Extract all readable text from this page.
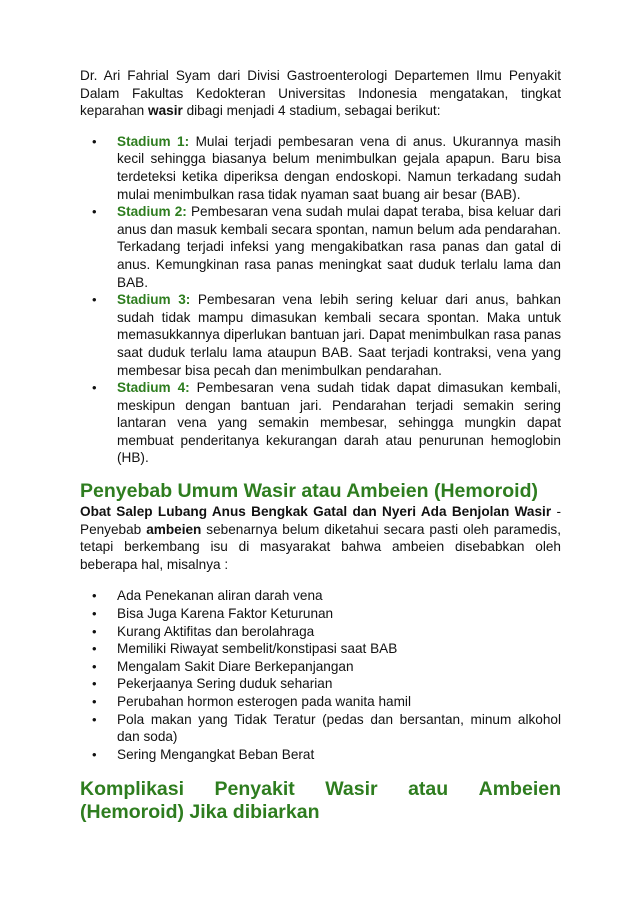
Dr. Ari Fahrial Syam dari Divisi Gastroenterologi Departemen Ilmu Penyakit Dalam Fakultas Kedokteran Universitas Indonesia mengatakan, tingkat keparahan wasir dibagi menjadi 4 stadium, sebagai berikut:

• Stadium 1: Mulai terjadi pembesaran vena di anus. Ukurannya masih kecil sehingga biasanya belum menimbulkan gejala apapun. Baru bisa terdeteksi ketika diperiksa dengan endoskopi. Namun terkadang sudah mulai menimbulkan rasa tidak nyaman saat buang air besar (BAB).
• Stadium 2: Pembesaran vena sudah mulai dapat teraba, bisa keluar dari anus dan masuk kembali secara spontan, namun belum ada pendarahan. Terkadang terjadi infeksi yang mengakibatkan rasa panas dan gatal di anus. Kemungkinan rasa panas meningkat saat duduk terlalu lama dan BAB.
• Stadium 3: Pembesaran vena lebih sering keluar dari anus, bahkan sudah tidak mampu dimasukan kembali secara spontan. Maka untuk memasukkannya diperlukan bantuan jari. Dapat menimbulkan rasa panas saat duduk terlalu lama ataupun BAB. Saat terjadi kontraksi, vena yang membesar bisa pecah dan menimbulkan pendarahan.
• Stadium 4: Pembesaran vena sudah tidak dapat dimasukan kembali, meskipun dengan bantuan jari. Pendarahan terjadi semakin sering lantaran vena yang semakin membesar, sehingga mungkin dapat membuat penderitanya kekurangan darah atau penurunan hemoglobin (HB).
Penyebab Umum Wasir atau Ambeien (Hemoroid)

Obat Salep Lubang Anus Bengkak Gatal dan Nyeri Ada Benjolan Wasir - Penyebab ambeien sebenarnya belum diketahui secara pasti oleh paramedis, tetapi berkembang isu di masyarakat bahwa ambeien disebabkan oleh beberapa hal, misalnya :

• Ada Penekanan aliran darah vena
• Bisa Juga Karena Faktor Keturunan
• Kurang Aktifitas dan berolahraga
• Memiliki Riwayat sembelit/konstipasi saat BAB
• Mengalam Sakit Diare Berkepanjangan
• Pekerjaanya Sering duduk seharian
• Perubahan hormon esterogen pada wanita hamil
• Pola makan yang Tidak Teratur (pedas dan bersantan, minum alkohol dan soda)
• Sering Mengangkat Beban Berat
Komplikasi Penyakit Wasir atau Ambeien
(Hemoroid) Jika dibiarkan
